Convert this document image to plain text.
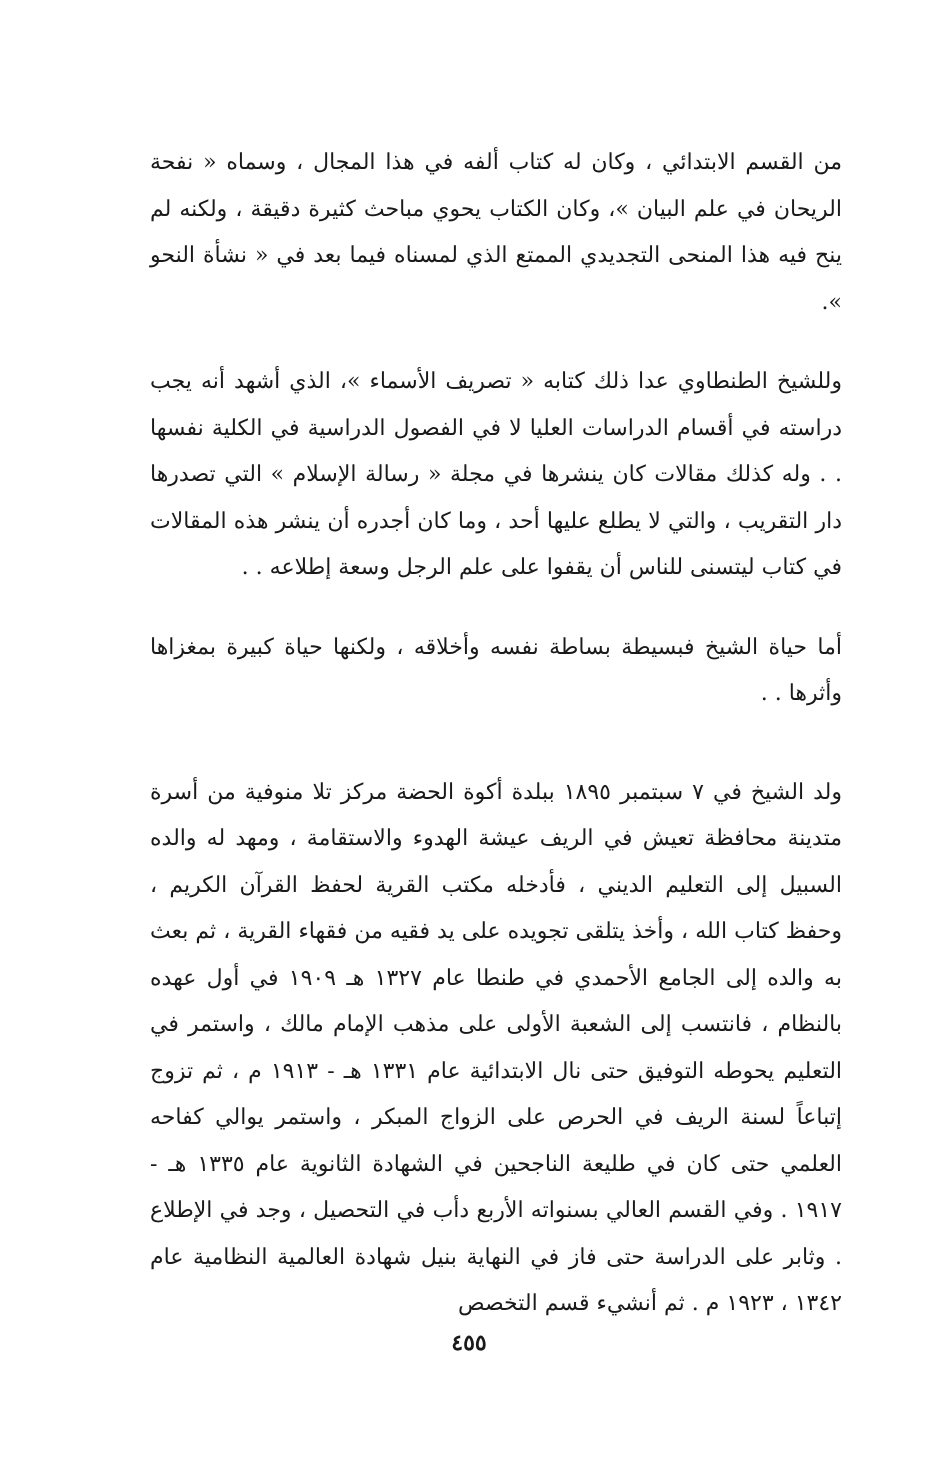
من القسم الابتدائي ، وكان له كتاب ألفه في هذا المجال ، وسماه « نفحة الريحان في علم البيان »، وكان الكتاب يحوي مباحث كثيرة دقيقة ، ولكنه لم ينح فيه هذا المنحى التجديدي الممتع الذي لمسناه فيما بعد في « نشأة النحو ».

وللشيخ الطنطاوي عدا ذلك كتابه « تصريف الأسماء »، الذي أشهد أنه يجب دراسته في أقسام الدراسات العليا لا في الفصول الدراسية في الكلية نفسها . . وله كذلك مقالات كان ينشرها في مجلة « رسالة الإسلام » التي تصدرها دار التقريب ، والتي لا يطلع عليها أحد ، وما كان أجدره أن ينشر هذه المقالات في كتاب ليتسنى للناس أن يقفوا على علم الرجل وسعة إطلاعه . .

أما حياة الشيخ فبسيطة بساطة نفسه وأخلاقه ، ولكنها حياة كبيرة بمغزاها وأثرها . .

ولد الشيخ في ٧ سبتمبر ١٨٩٥ ببلدة أكوة الحضة مركز تلا منوفية من أسرة متدينة محافظة تعيش في الريف عيشة الهدوء والاستقامة ، ومهد له والده السبيل إلى التعليم الديني ، فأدخله مكتب القرية لحفظ القرآن الكريم ، وحفظ كتاب الله ، وأخذ يتلقى تجويده على يد فقيه من فقهاء القرية ، ثم بعث به والده إلى الجامع الأحمدي في طنطا عام ١٣٢٧ هـ ١٩٠٩ في أول عهده بالنظام ، فانتسب إلى الشعبة الأولى على مذهب الإمام مالك ، واستمر في التعليم يحوطه التوفيق حتى نال الابتدائية عام ١٣٣١ هـ - ١٩١٣ م ، ثم تزوج إتباعاً لسنة الريف في الحرص على الزواج المبكر ، واستمر يوالي كفاحه العلمي حتى كان في طليعة الناجحين في الشهادة الثانوية عام ١٣٣٥ هـ - ١٩١٧ . وفي القسم العالي بسنواته الأربع دأب في التحصيل ، وجد في الإطلاع . وثابر على الدراسة حتى فاز في النهاية بنيل شهادة العالمية النظامية عام ١٣٤٢ ، ١٩٢٣ م . ثم أنشيء قسم التخصص

٤٥٥
